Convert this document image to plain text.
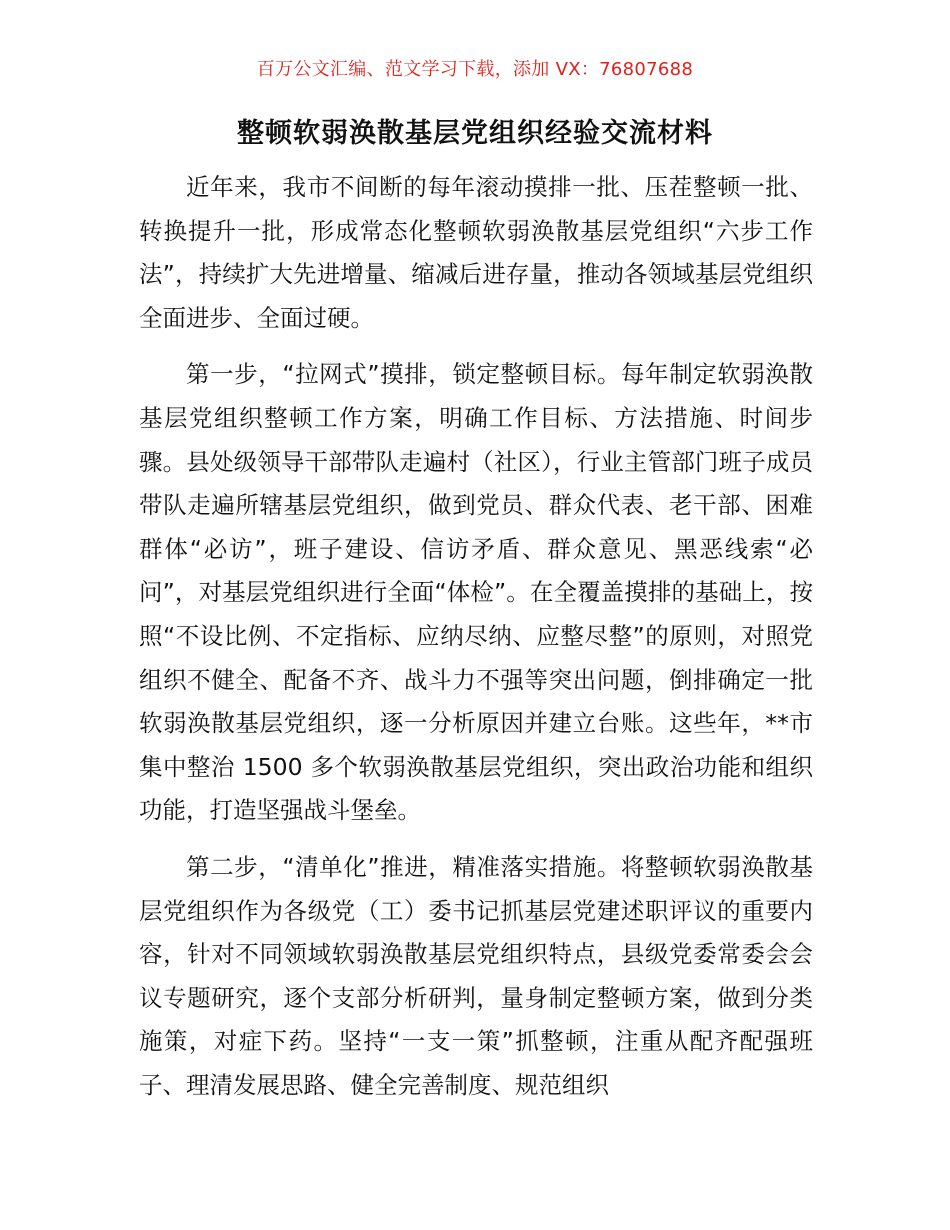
百万公文汇编、范文学习下载，添加 VX：76807688
整顿软弱涣散基层党组织经验交流材料

近年来，我市不间断的每年滚动摸排一批、压茬整顿一批、转换提升一批，形成常态化整顿软弱涣散基层党组织“六步工作法”，持续扩大先进增量、缩减后进存量，推动各领域基层党组织全面进步、全面过硬。

第一步，“拉网式”摸排，锁定整顿目标。每年制定软弱涣散基层党组织整顿工作方案，明确工作目标、方法措施、时间步骤。县处级领导干部带队走遍村（社区），行业主管部门班子成员带队走遍所辖基层党组织，做到党员、群众代表、老干部、困难群体“必访”，班子建设、信访矛盾、群众意见、黑恶线索“必问”，对基层党组织进行全面“体检”。在全覆盖摸排的基础上，按照“不设比例、不定指标、应纳尽纳、应整尽整”的原则，对照党组织不健全、配备不齐、战斗力不强等突出问题，倒排确定一批软弱涣散基层党组织，逐一分析原因并建立台账。这些年，**市集中整治 1500 多个软弱涣散基层党组织，突出政治功能和组织功能，打造坚强战斗堡垒。

第二步，“清单化”推进，精准落实措施。将整顿软弱涣散基层党组织作为各级党（工）委书记抓基层党建述职评议的重要内容，针对不同领域软弱涣散基层党组织特点，县级党委常委会会议专题研究，逐个支部分析研判，量身制定整顿方案，做到分类施策，对症下药。坚持“一支一策”抓整顿，注重从配齐配强班子、理清发展思路、健全完善制度、规范组织
